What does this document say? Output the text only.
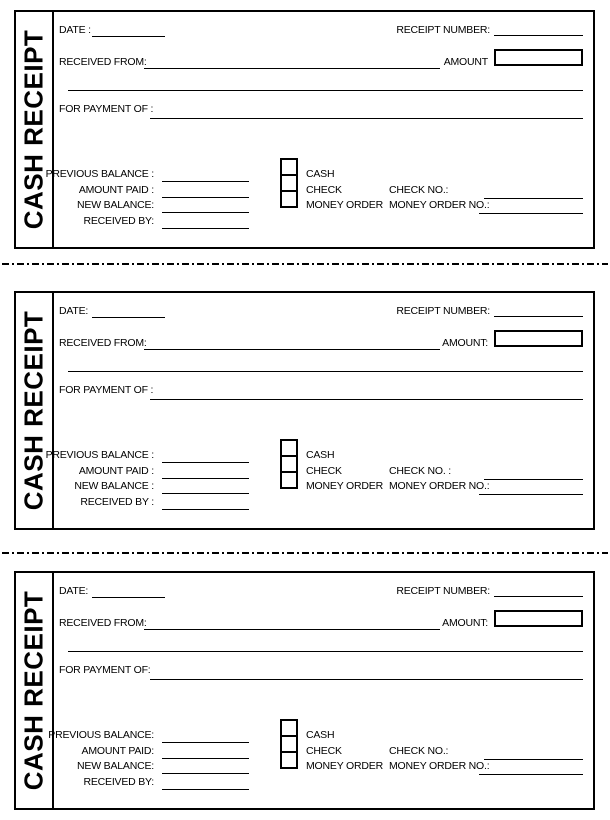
CASH RECEIPT DATE :	RECEIPT NUMBER:
RECEIVED FROM:	AMOUNT
FOR PAYMENT OF :
PREVIOUS BALANCE :
AMOUNT PAID :
NEW BALANCE:
RECEIVED BY:
CASH
CHECK
MONEY ORDER
CHECK NO.:
MONEY ORDER NO.:
CASH RECEIPT DATE:	RECEIPT NUMBER:
RECEIVED FROM:	AMOUNT:
FOR PAYMENT OF :
PREVIOUS BALANCE :
AMOUNT PAID :
NEW BALANCE :
RECEIVED BY :
CASH
CHECK
MONEY ORDER
CHECK NO. :
MONEY ORDER NO.:
CASH RECEIPT DATE:	RECEIPT NUMBER:
RECEIVED FROM:	AMOUNT:
FOR PAYMENT OF:
PREVIOUS BALANCE:
AMOUNT PAID:
NEW BALANCE:
RECEIVED BY:
CASH
CHECK
MONEY ORDER
CHECK NO.:
MONEY ORDER NO.:
